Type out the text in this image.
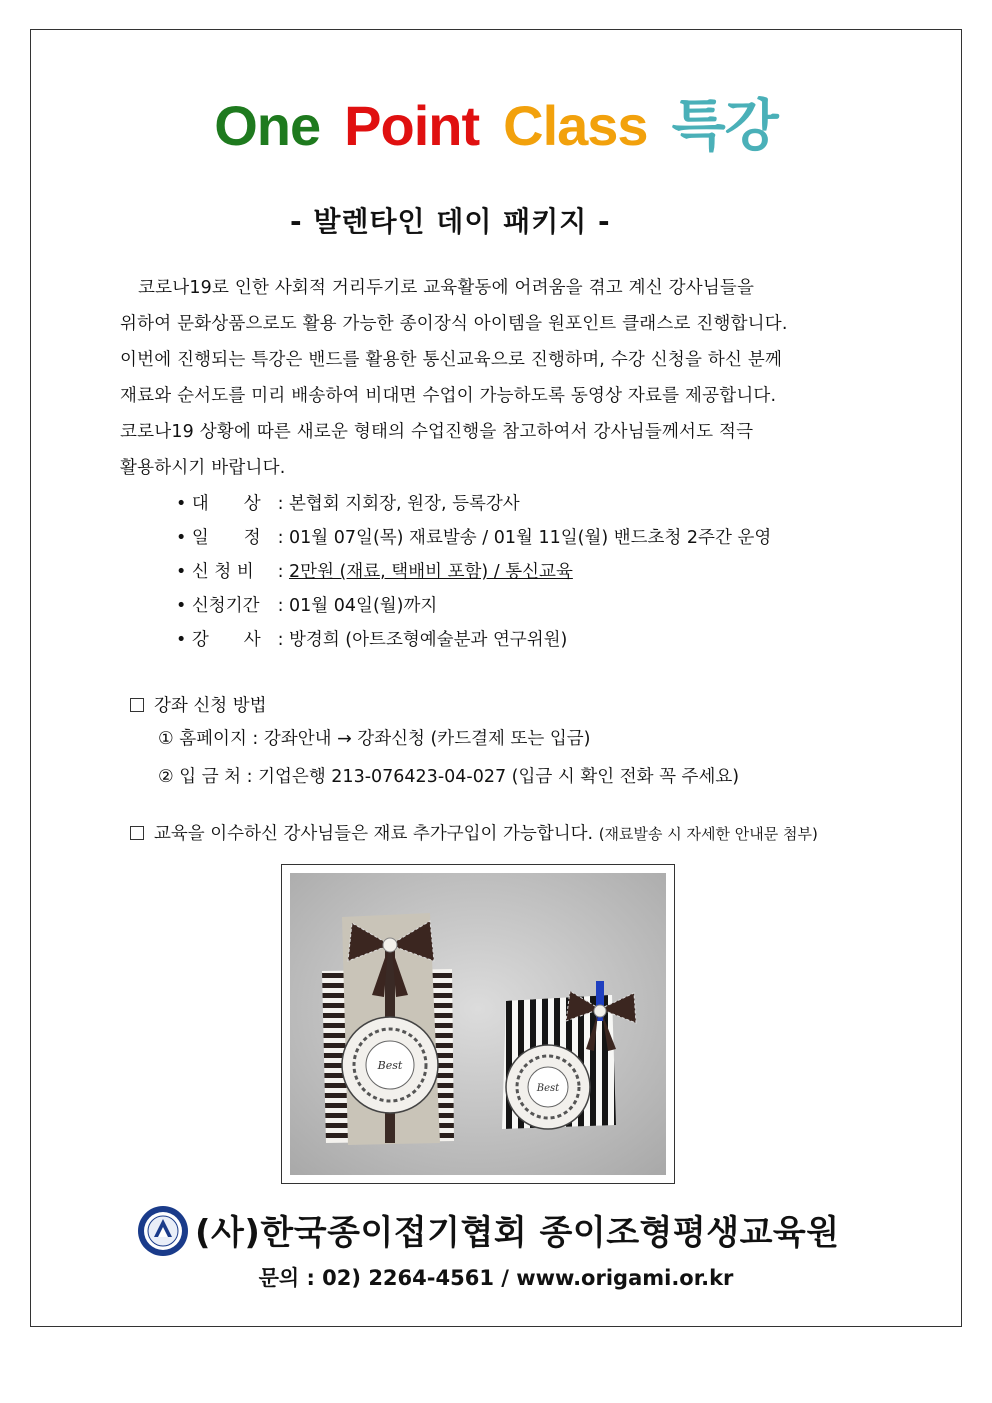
One Point Class 특강
- 발렌타인 데이 패키지 -

코로나19로 인한 사회적 거리두기로 교육활동에 어려움을 겪고 계신 강사님들을

위하여 문화상품으로도 활용 가능한 종이장식 아이템을 원포인트 클래스로 진행합니다.

이번에 진행되는 특강은 밴드를 활용한 통신교육으로 진행하며, 수강 신청을 하신 분께

재료와 순서도를 미리 배송하여 비대면 수업이 가능하도록 동영상 자료를 제공합니다.

코로나19 상황에 따른 새로운 형태의 수업진행을 참고하여서 강사님들께서도 적극

활용하시기 바랍니다.

• 대　　상 : 본협회 지회장, 원장, 등록강사
• 일　　정 : 01월 07일(목) 재료발송 / 01월 11일(월) 밴드초청 2주간 운영
• 신 청 비 : 2만원 (재료, 택배비 포함) / 통신교육
• 신청기간 : 01월 04일(월)까지
• 강　　사 : 방경희 (아트조형예술분과 연구위원)
강좌 신청 방법
① 홈페이지 : 강좌안내 → 강좌신청 (카드결제 또는 입금)
② 입 금 처 : 기업은행 213-076423-04-027 (입금 시 확인 전화 꼭 주세요)
교육을 이수하신 강사님들은 재료 추가구입이 가능합니다. (재료발송 시 자세한 안내문 첨부)
Best
Best
(사)한국종이접기협회 종이조형평생교육원
문의 : 02) 2264-4561 / www.origami.or.kr
